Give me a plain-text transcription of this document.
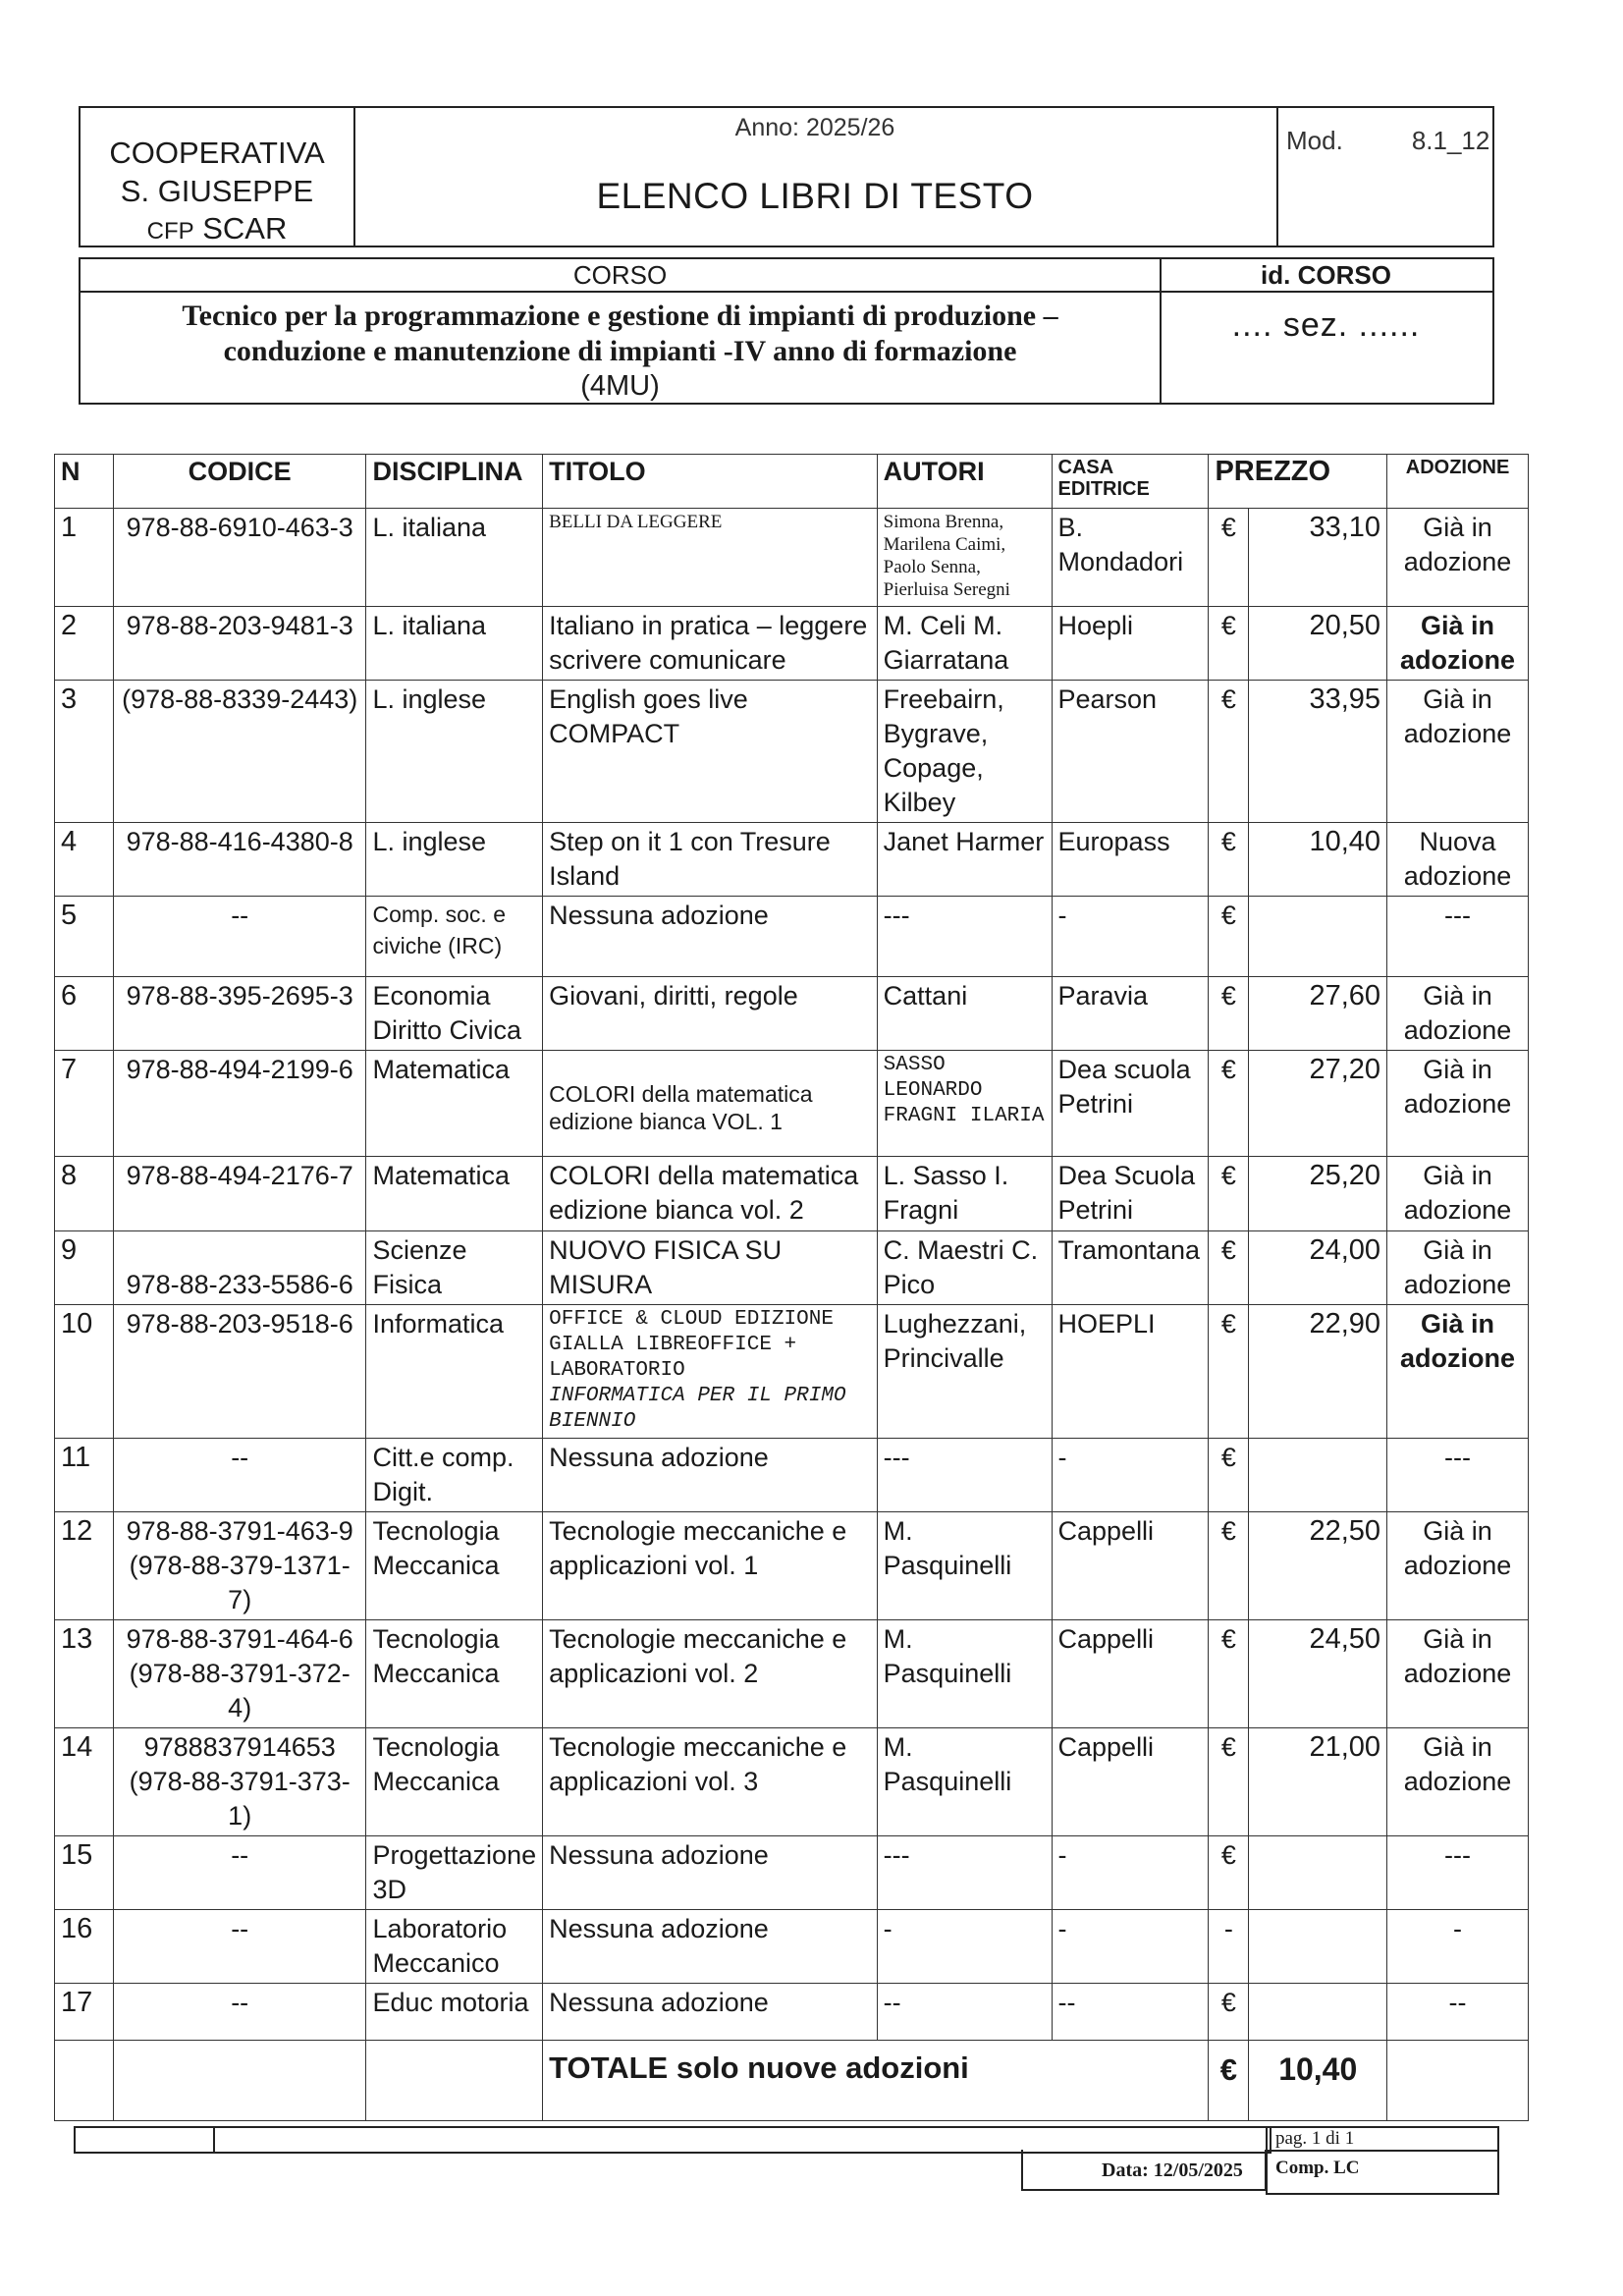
COOPERATIVA
S. GIUSEPPE
CFP SCAR
Anno: 2025/26
ELENCO LIBRI DI TESTO
Mod.	8.1_12
CORSO
Tecnico per la programmazione e gestione di impianti di produzione –
conduzione e manutenzione di impianti -IV anno di formazione
(4MU)
id. CORSO
.... sez. ......
N	CODICE	DISCIPLINA	TITOLO	AUTORI	CASA EDITRICE	PREZZO		ADOZIONE
1	978-88-6910-463-3	L. italiana	BELLI DA LEGGERE	Simona Brenna, Marilena Caimi, Paolo Senna, Pierluisa Seregni	B. Mondadori	€	33,10	Già in adozione
2	978-88-203-9481-3	L. italiana	Italiano in pratica – leggere scrivere comunicare	M. Celi M. Giarratana	Hoepli	€	20,50	Già in adozione
3	(978-88-8339-2443)	L. inglese	English goes live COMPACT	Freebairn, Bygrave, Copage, Kilbey	Pearson	€	33,95	Già in adozione
4	978-88-416-4380-8	L. inglese	Step on it 1 con Tresure Island	Janet Harmer	Europass	€	10,40	Nuova adozione
5	--	Comp. soc. e civiche (IRC)	Nessuna adozione	---	-	€		---
6	978-88-395-2695-3	Economia Diritto Civica	Giovani, diritti, regole	Cattani	Paravia	€	27,60	Già in adozione
7	978-88-494-2199-6	Matematica	COLORI della matematica edizione bianca VOL. 1	SASSO LEONARDO FRAGNI ILARIA	Dea scuola Petrini	€	27,20	Già in adozione
8	978-88-494-2176-7	Matematica	COLORI della matematica edizione bianca vol. 2	L. Sasso I. Fragni	Dea Scuola Petrini	€	25,20	Già in adozione
9	978-88-233-5586-6	Scienze Fisica	NUOVO FISICA SU MISURA	C. Maestri C. Pico	Tramontana	€	24,00	Già in adozione
10	978-88-203-9518-6	Informatica	OFFICE & CLOUD EDIZIONE GIALLA LIBREOFFICE + LABORATORIO
INFORMATICA PER IL PRIMO BIENNIO	Lughezzani, Princivalle	HOEPLI	€	22,90	Già in adozione
11	--	Citt.e comp. Digit.	Nessuna adozione	---	-	€		---
12	978-88-3791-463-9
(978-88-379-1371-7)	Tecnologia Meccanica	Tecnologie meccaniche e applicazioni vol. 1	M. Pasquinelli	Cappelli	€	22,50	Già in adozione
13	978-88-3791-464-6
(978-88-3791-372-4)	Tecnologia Meccanica	Tecnologie meccaniche e applicazioni vol. 2	M. Pasquinelli	Cappelli	€	24,50	Già in adozione
14	9788837914653
(978-88-3791-373-1)	Tecnologia Meccanica	Tecnologie meccaniche e applicazioni vol. 3	M. Pasquinelli	Cappelli	€	21,00	Già in adozione
15	--	Progettazione 3D	Nessuna adozione	---	-	€		---
16	--	Laboratorio Meccanico	Nessuna adozione	-	-	-		-
17	--	Educ motoria	Nessuna adozione	--	--	€		--
			TOTALE solo nuove adozioni			€	10,40	
Data: 12/05/2025
pag. 1 di 1
Comp. LC
